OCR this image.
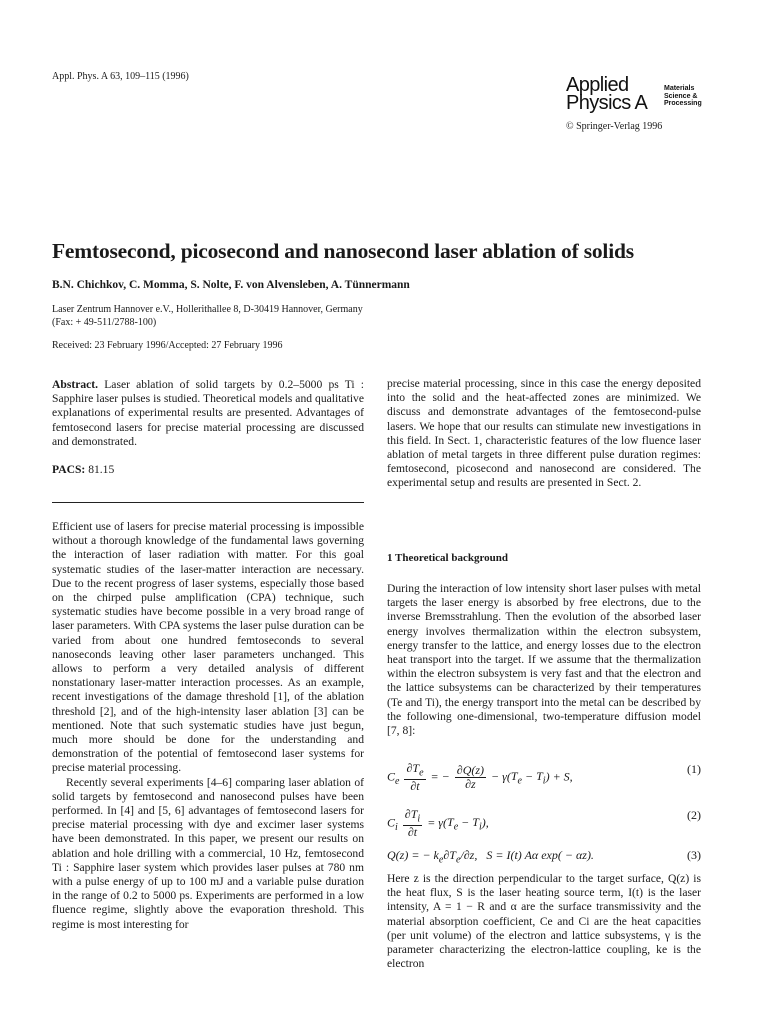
Appl. Phys. A 63, 109–115 (1996)	Applied
Physics A
Materials
Science &
Processing
© Springer-Verlag 1996
Femtosecond, picosecond and nanosecond laser ablation of solids
B.N. Chichkov, C. Momma, S. Nolte, F. von Alvensleben, A. Tünnermann
Laser Zentrum Hannover e.V., Hollerithallee 8, D-30419 Hannover, Germany
(Fax: + 49-511/2788-100)
Received: 23 February 1996/Accepted: 27 February 1996
Abstract. Laser ablation of solid targets by 0.2–5000 ps Ti : Sapphire laser pulses is studied. Theoretical models and qualitative explanations of experimental results are presented. Advantages of femtosecond lasers for precise material processing are discussed and demonstrated.
PACS: 81.15

Efficient use of lasers for precise material processing is impossible without a thorough knowledge of the fundamental laws governing the interaction of laser radiation with matter. For this goal systematic studies of the laser-matter interaction are necessary. Due to the recent progress of laser systems, especially those based on the chirped pulse amplification (CPA) technique, such systematic studies have become possible in a very broad range of laser parameters. With CPA systems the laser pulse duration can be varied from about one hundred femtoseconds to several nanoseconds leaving other laser parameters unchanged. This allows to perform a very detailed analysis of different nonstationary laser-matter interaction processes. As an example, recent investigations of the damage threshold [1], of the ablation threshold [2], and of the high-intensity laser ablation [3] can be mentioned. Note that such systematic studies have just begun, much more should be done for the understanding and demonstration of the potential of femtosecond laser systems for precise material processing.

Recently several experiments [4–6] comparing laser ablation of solid targets by femtosecond and nanosecond pulses have been performed. In [4] and [5, 6] advantages of femtosecond lasers for precise material processing with dye and excimer laser systems have been demonstrated. In this paper, we present our results on ablation and hole drilling with a commercial, 10 Hz, femtosecond Ti : Sapphire laser system which provides laser pulses at 780 nm with a pulse energy of up to 100 mJ and a variable pulse duration in the range of 0.2 to 5000 ps. Experiments are performed in a low fluence regime, slightly above the evaporation threshold. This regime is most interesting for

precise material processing, since in this case the energy deposited into the solid and the heat-affected zones are minimized. We discuss and demonstrate advantages of the femtosecond-pulse lasers. We hope that our results can stimulate new investigations in this field. In Sect. 1, characteristic features of the low fluence laser ablation of metal targets in three different pulse duration regimes: femtosecond, picosecond and nanosecond are considered. The experimental setup and results are presented in Sect. 2.

1 Theoretical background

During the interaction of low intensity short laser pulses with metal targets the laser energy is absorbed by free electrons, due to the inverse Bremsstrahlung. Then the evolution of the absorbed laser energy involves thermalization within the electron subsystem, energy transfer to the lattice, and energy losses due to the electron heat transport into the target. If we assume that the thermalization within the electron subsystem is very fast and that the electron and the lattice subsystems can be characterized by their temperatures (Te and Ti), the energy transport into the metal can be described by the following one-dimensional, two-temperature diffusion model [7, 8]:

$C_e \frac{\partial T_e}{\partial t}$ = − $\frac{\partial Q(z)}{\partial z} - \gamma(T_e - T_i) + S$,
(1)
$C_i \frac{\partial T_i}{\partial t} = \gamma(T_e - T_i)$,
(2)
Q(z) = − $k_e\partial T_e/\partial z$,   S = I(t) Aα exp( − αz).	(3)

Here z is the direction perpendicular to the target surface, Q(z) is the heat flux, S is the laser heating source term, I(t) is the laser intensity, A = 1 − R and α are the surface transmissivity and the material absorption coefficient, Ce and Ci are the heat capacities (per unit volume) of the electron and lattice subsystems, γ is the parameter characterizing the electron-lattice coupling, ke is the electron
